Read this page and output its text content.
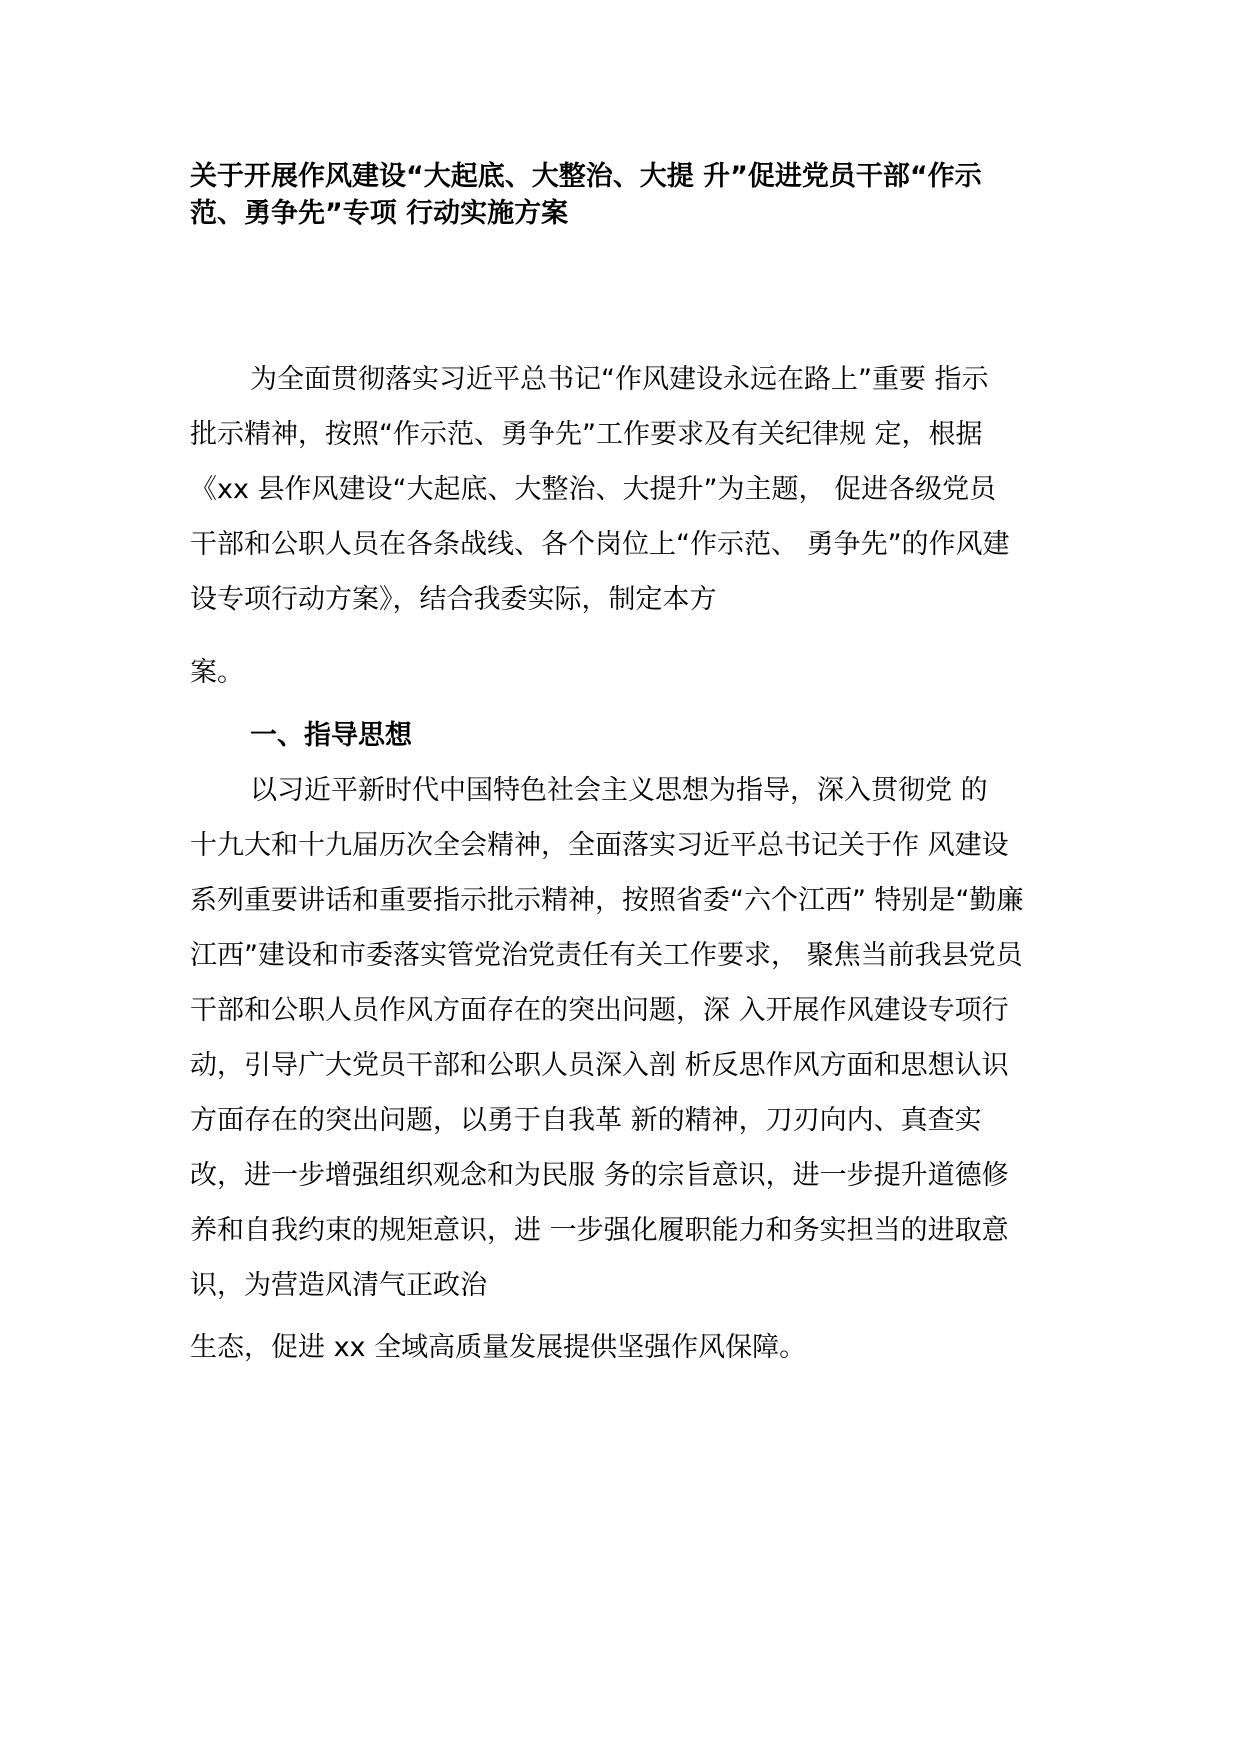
关于开展作风建设“大起底、大整治、大提 升”促进党员干部“作示
范、勇争先”专项 行动实施方案
为全面贯彻落实习近平总书记“作风建设永远在路上”重要 指示
批示精神，按照“作示范、勇争先”工作要求及有关纪律规 定，根据
《xx 县作风建设“大起底、大整治、大提升”为主题， 促进各级党员
干部和公职人员在各条战线、各个岗位上“作示范、 勇争先”的作风建
设专项行动方案》，结合我委实际，制定本方
案。
一、指导思想
以习近平新时代中国特色社会主义思想为指导，深入贯彻党 的
十九大和十九届历次全会精神，全面落实习近平总书记关于作 风建设
系列重要讲话和重要指示批示精神，按照省委“六个江西” 特别是“勤廉
江西”建设和市委落实管党治党责任有关工作要求， 聚焦当前我县党员
干部和公职人员作风方面存在的突出问题，深 入开展作风建设专项行
动，引导广大党员干部和公职人员深入剖 析反思作风方面和思想认识
方面存在的突出问题，以勇于自我革 新的精神，刀刃向内、真查实
改，进一步增强组织观念和为民服 务的宗旨意识，进一步提升道德修
养和自我约束的规矩意识，进 一步强化履职能力和务实担当的进取意
识，为营造风清气正政治
生态，促进 xx 全域高质量发展提供坚强作风保障。
